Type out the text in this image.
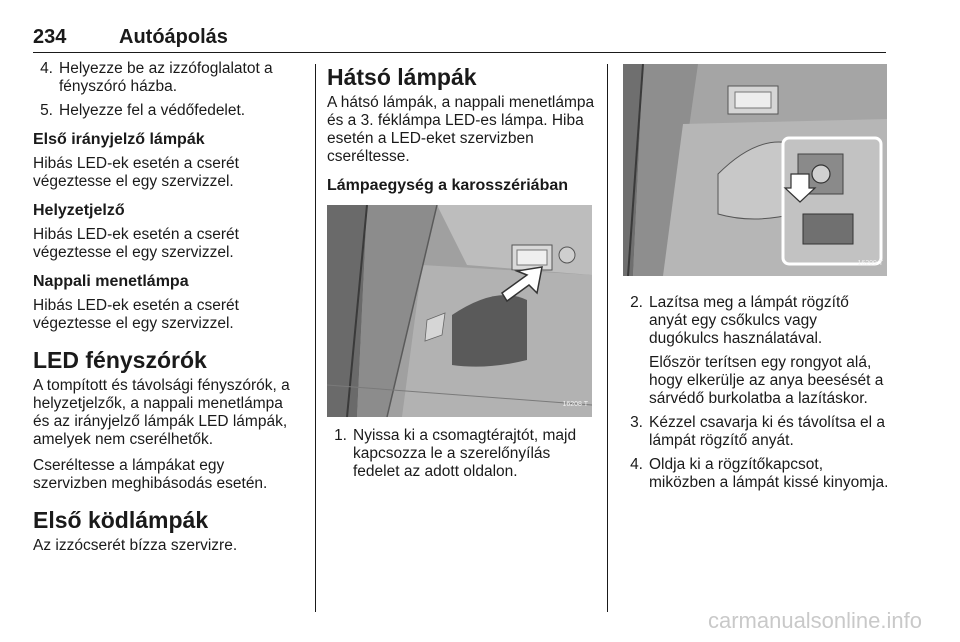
234	Autóápolás
4. Helyezze be az izzófoglalatot a fényszóró házba.
5. Helyezze fel a védőfedelet.
Első irányjelző lámpák

Hibás LED-ek esetén a cserét végeztesse el egy szervizzel.

Helyzetjelző

Hibás LED-ek esetén a cserét végeztesse el egy szervizzel.

Nappali menetlámpa

Hibás LED-ek esetén a cserét végeztesse el egy szervizzel.

LED fényszórók

A tompított és távolsági fényszórók, a helyzetjelzők, a nappali menetlámpa és az irányjelző lámpák LED lámpák, amelyek nem cserélhetők.

Cseréltesse a lámpákat egy szervizben meghibásodás esetén.

Első ködlámpák

Az izzócserét bízza szervizre.

Hátsó lámpák

A hátsó lámpák, a nappali menetlámpa és a 3. féklámpa LED-es lámpa. Hiba esetén a LED-eket szervizben cseréltesse.

Lámpaegység a karosszériában
16208 T
1. Nyissa ki a csomagtérajtót, majd kapcsozza le a szerelőnyílás fedelet az adott oldalon.
16209 T
2. Lazítsa meg a lámpát rögzítő anyát egy csőkulcs vagy dugókulcs használatával.
Először terítsen egy rongyot alá, hogy elkerülje az anya beesését a sárvédő burkolatba a lazításkor.
3. Kézzel csavarja ki és távolítsa el a lámpát rögzítő anyát.
4. Oldja ki a rögzítőkapcsot, miközben a lámpát kissé kinyomja.
carmanualsonline.info
